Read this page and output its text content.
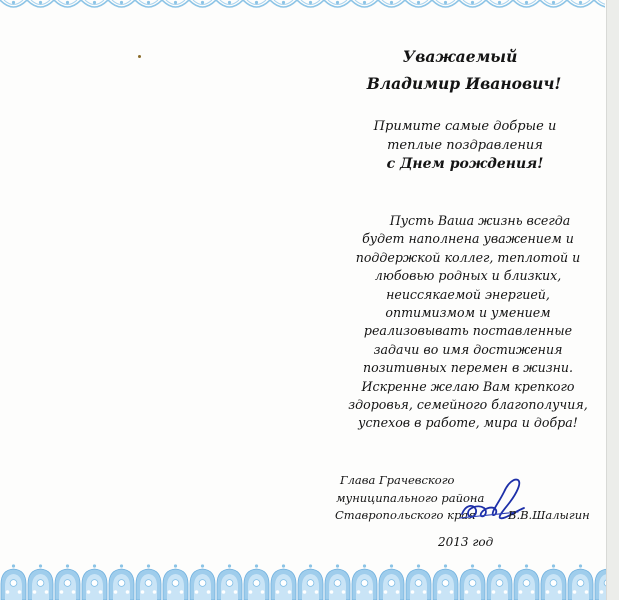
Уважаемый

Владимир Иванович!

Примите самые добрые и
теплые поздравления
с Днем рождения!
Пусть Ваша жизнь всегда
будет наполнена уважением и
поддержкой коллег, теплотой и
любовью родных и близких,
неиссякаемой энергией,
оптимизмом и умением
реализовывать поставленные
задачи во имя достижения
позитивных перемен в жизни.
Искренне желаю Вам крепкого
здоровья, семейного благополучия,
успехов в работе, мира и добра!
Глава Грачевского
муниципального района
Ставропольского края	В.В.Шалыгин
2013 год
